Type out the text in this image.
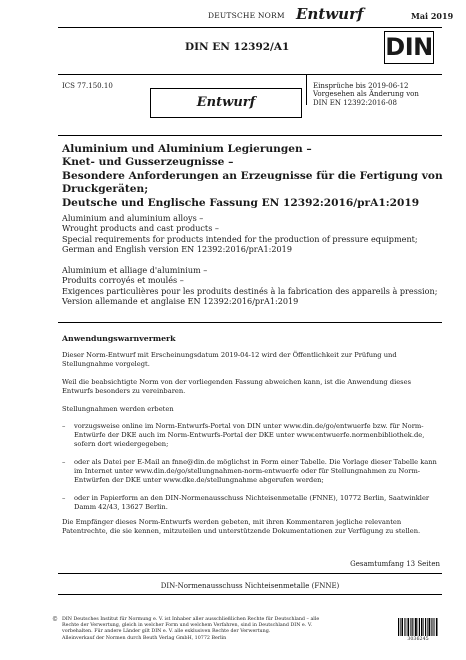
DEUTSCHE NORM Entwurf	Mai 2019
DIN EN 12392/A1	DIN
ICS 77.150.10	Einsprüche bis 2019-06-12
Vorgesehen als Änderung von
DIN EN 12392:2016-08
Entwurf
Aluminium und Aluminium Legierungen –
Knet- und Gusserzeugnisse –
Besondere Anforderungen an Erzeugnisse für die Fertigung von
Druckgeräten;
Deutsche und Englische Fassung EN 12392:2016/prA1:2019
Aluminium and aluminium alloys –
Wrought products and cast products –
Special requirements for products intended for the production of pressure equipment;
German and English version EN 12392:2016/prA1:2019
Aluminium et alliage d'aluminium –
Produits corroyés et moulés –
Exigences particulières pour les produits destinés à la fabrication des appareils à pression;
Version allemande et anglaise EN 12392:2016/prA1:2019
Anwendungswarnvermerk
Dieser Norm-Entwurf mit Erscheinungsdatum 2019-04-12 wird der Öffentlichkeit zur Prüfung und Stellungnahme vorgelegt.
Weil die beabsichtigte Norm von der vorliegenden Fassung abweichen kann, ist die Anwendung dieses Entwurfs besonders zu vereinbaren.
Stellungnahmen werden erbeten
– vorzugsweise online im Norm-Entwurfs-Portal von DIN unter www.din.de/go/entwuerfe bzw. für Norm-Entwürfe der DKE auch im Norm-Entwurfs-Portal der DKE unter www.entwuerfe.normenbibliothek.de, sofern dort wiedergegeben;
– oder als Datei per E-Mail an fnne@din.de möglichst in Form einer Tabelle. Die Vorlage dieser Tabelle kann im Internet unter www.din.de/go/stellungnahmen-norm-entwuerfe oder für Stellungnahmen zu Norm-Entwürfen der DKE unter www.dke.de/stellungnahme abgerufen werden;
– oder in Papierform an den DIN-Normenausschuss Nichteisenmetalle (FNNE), 10772 Berlin, Saatwinkler Damm 42/43, 13627 Berlin.
Die Empfänger dieses Norm-Entwurfs werden gebeten, mit ihren Kommentaren jegliche relevanten Patentrechte, die sie kennen, mitzuteilen und unterstützende Dokumentationen zur Verfügung zu stellen.
Gesamtumfang 13 Seiten
DIN-Normenausschuss Nichteisenmetalle (FNNE)
© DIN Deutsches Institut für Normung e. V. ist Inhaber aller ausschließlichen Rechte für Deutschland – alle
Rechte der Verwertung, gleich in welcher Form und welchem Verfahren, sind in Deutschland DIN e. V.
vorbehalten. Für andere Länder gilt DIN e. V. alle exklusiven Rechte der Verwertung.
Alleinverkauf der Normen durch Beuth Verlag GmbH, 10772 Berlin	3036245
